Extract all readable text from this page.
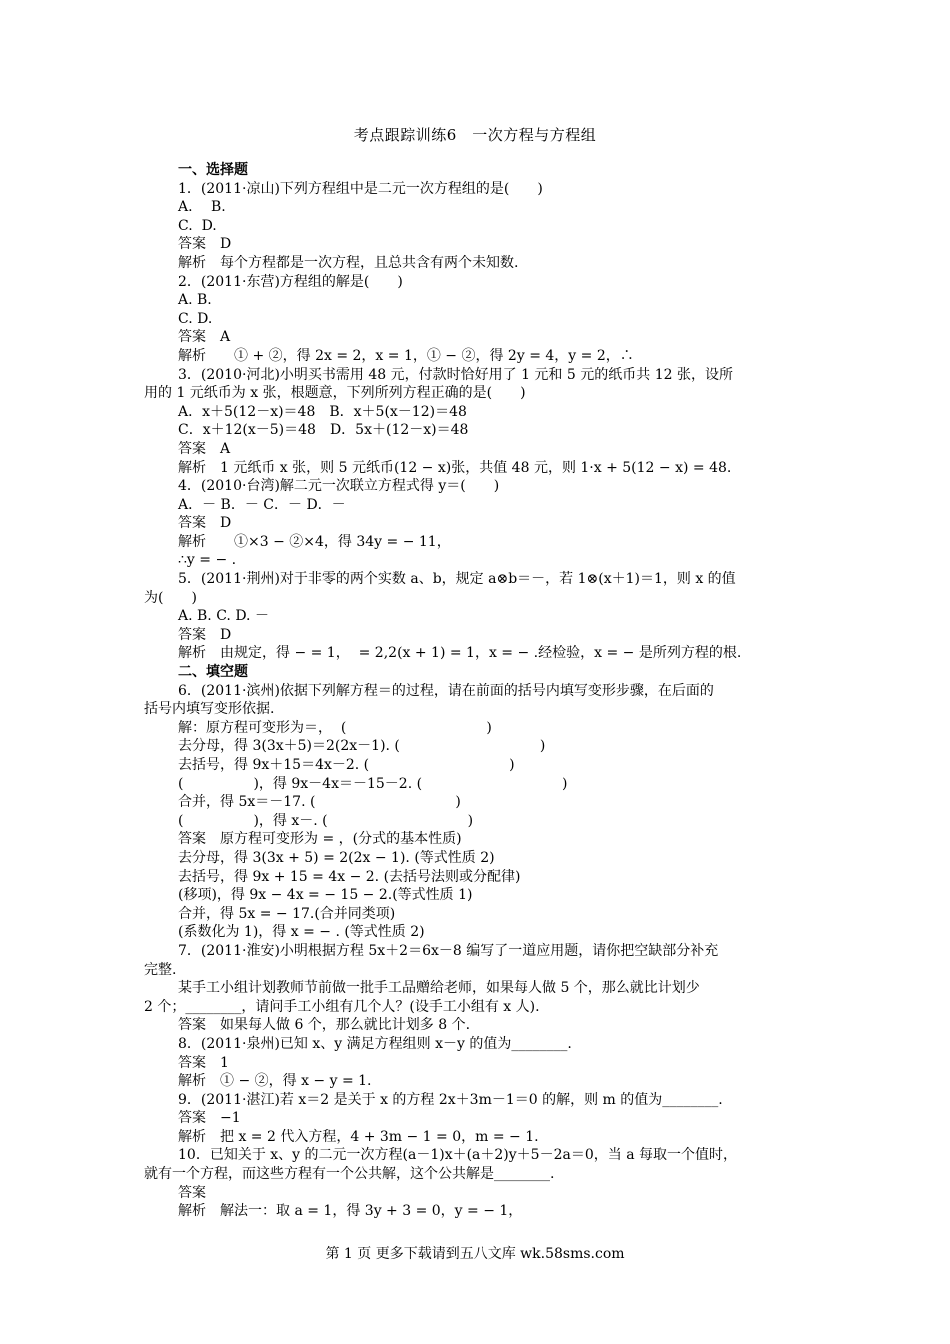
考点跟踪训练6　一次方程与方程组
一、选择题
1．(2011·凉山)下列方程组中是二元一次方程组的是(　　)
A.　 B.
C.  D.
答案　D
解析　每个方程都是一次方程，且总共含有两个未知数.
2．(2011·东营)方程组的解是(　　)
A. B.
C. D.
答案　A
解析　　① + ②，得 2x = 2，x = 1，① − ②，得 2y = 4，y = 2，∴
3．(2010·河北)小明买书需用 48 元，付款时恰好用了 1 元和 5 元的纸币共 12 张，设所
用的 1 元纸币为 x 张，根题意，下列所列方程正确的是(　　)
A．x＋5(12－x)＝48　B．x＋5(x－12)＝48
C．x＋12(x－5)＝48　D．5x＋(12－x)＝48
答案　A
解析　1 元纸币 x 张，则 5 元纸币(12 − x)张，共值 48 元，则 1·x + 5(12 − x) = 48.
4．(2010·台湾)解二元一次联立方程式得 y＝(　　)
A．－ B．－ C．－ D．－
答案　D
解析　　①×3 − ②×4，得 34y = − 11，
∴y = − .
5．(2011·荆州)对于非零的两个实数 a、b，规定 a⊗b＝－，若 1⊗(x＋1)＝1，则 x 的值
为(　　)
A. B. C. D. －
答案　D
解析　由规定，得 − = 1，  = 2,2(x + 1) = 1，x = − .经检验，x = − 是所列方程的根.
二、填空题
6．(2011·滨州)依据下列解方程＝的过程，请在前面的括号内填写变形步骤，在后面的
括号内填写变形依据.
解：原方程可变形为＝，  (　　　　　　　　　　)
去分母，得 3(3x＋5)＝2(2x－1). (　　　　　　　　　　)
去括号，得 9x＋15＝4x－2. (　　　　　　　　　　)
(　　　　　)，得 9x－4x＝－15－2. (　　　　　　　　　　)
合并，得 5x＝－17. (　　　　　　　　　　)
(　　　　　)，得 x－. (　　　　　　　　　　)
答案　原方程可变形为 = ，(分式的基本性质)
去分母，得 3(3x + 5) = 2(2x − 1). (等式性质 2)
去括号，得 9x + 15 = 4x − 2. (去括号法则或分配律)
(移项)，得 9x − 4x = − 15 − 2.(等式性质 1)
合并，得 5x = − 17.(合并同类项)
(系数化为 1)，得 x = − . (等式性质 2)
7．(2011·淮安)小明根据方程 5x＋2＝6x－8 编写了一道应用题，请你把空缺部分补充
完整.
某手工小组计划教师节前做一批手工品赠给老师，如果每人做 5 个，那么就比计划少
2 个；________，请问手工小组有几个人？(设手工小组有 x 人).
答案　如果每人做 6 个，那么就比计划多 8 个.
8．(2011·泉州)已知 x、y 满足方程组则 x－y 的值为________.
答案　1
解析　① − ②，得 x − y = 1.
9．(2011·湛江)若 x＝2 是关于 x 的方程 2x＋3m－1＝0 的解，则 m 的值为________.
答案　−1
解析　把 x = 2 代入方程，4 + 3m − 1 = 0，m = − 1.
10．已知关于 x、y 的二元一次方程(a－1)x＋(a＋2)y＋5－2a＝0，当 a 每取一个值时，
就有一个方程，而这些方程有一个公共解，这个公共解是________.
答案
解析　解法一：取 a = 1，得 3y + 3 = 0，y = − 1，
第 1 页 更多下载请到五八文库 wk.58sms.com
